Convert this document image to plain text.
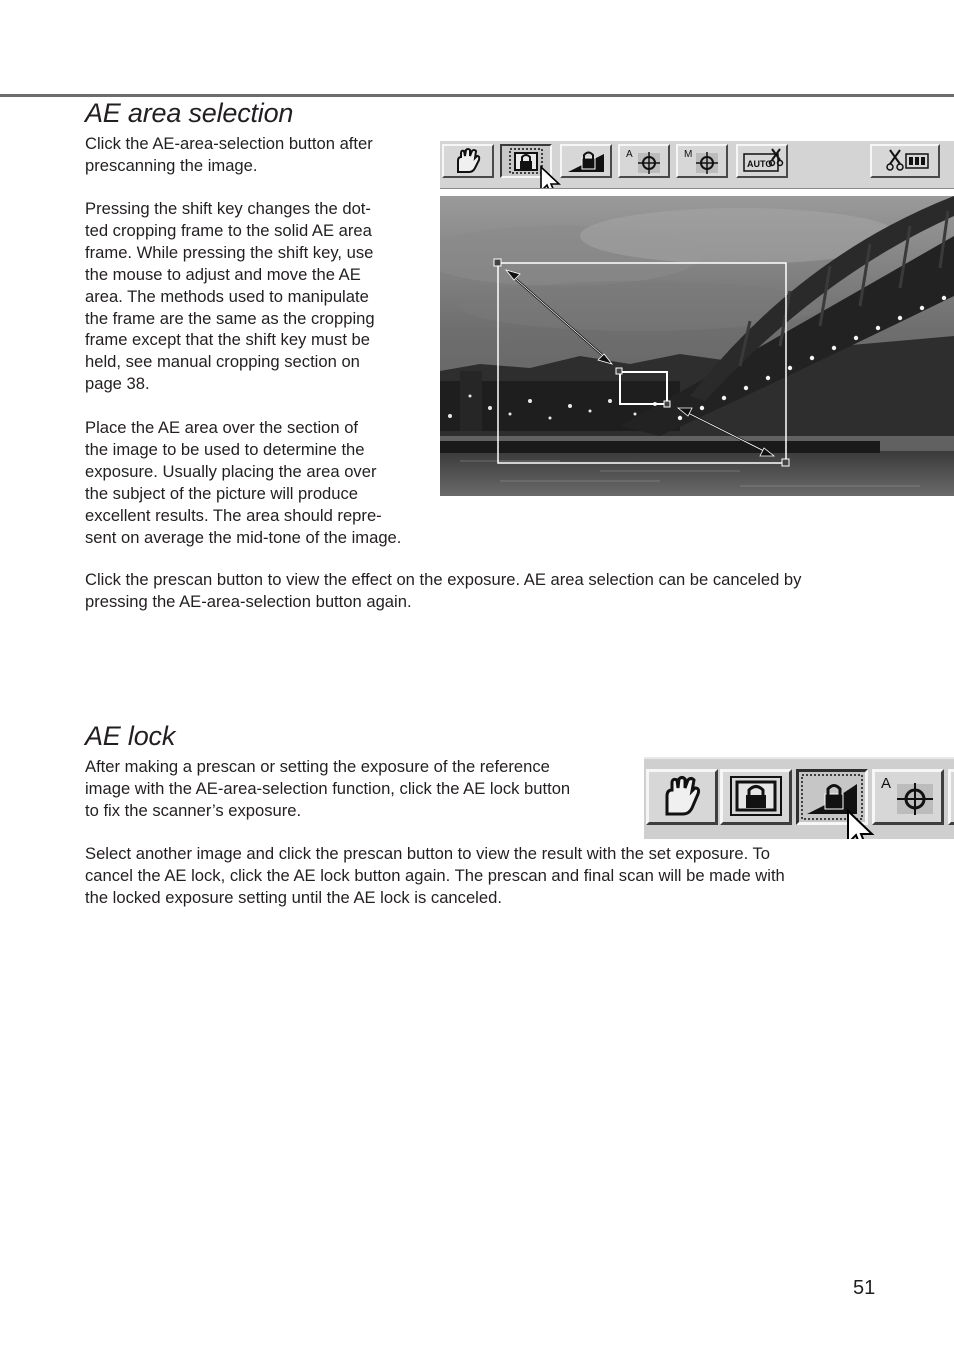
AE area selection
Click the AE-area-selection button after
prescanning the image.
Pressing the shift key changes the dot-
ted cropping frame to the solid AE area
frame. While pressing the shift key, use
the mouse to adjust and move the AE
area. The methods used to manipulate
the frame are the same as the cropping
frame except that the shift key must be
held, see manual cropping section on
page 38.
Place the AE area over the section of
the image to be used to determine the
exposure. Usually placing the area over
the subject of the picture will produce
excellent results. The area should repre-
sent on average the mid-tone of the image.
Click the prescan button to view the effect on the exposure. AE area selection can be canceled by
pressing the AE-area-selection button again.
A	M
AUTO
AE lock
After making a prescan or setting the exposure of the reference
image with the AE-area-selection function, click the AE lock button
to fix the scanner’s exposure.
Select another image and click the prescan button to view the result with the set exposure. To
cancel the AE lock, click the AE lock button again. The prescan and final scan will be made with
the locked exposure setting until the AE lock is canceled.
A
51
